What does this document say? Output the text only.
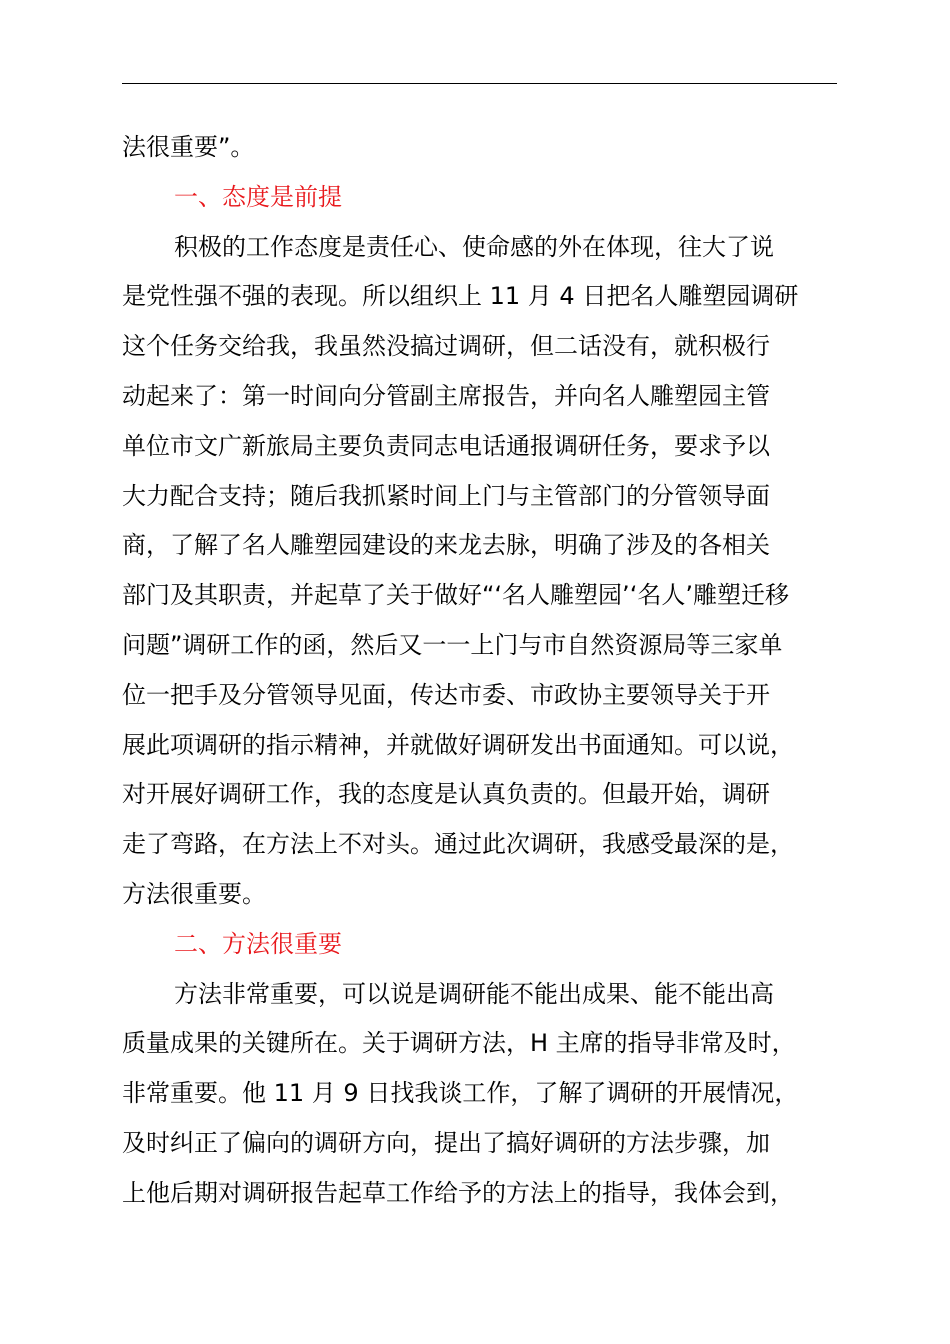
法很重要”。
一、态度是前提
积极的工作态度是责任心、使命感的外在体现，往大了说
是党性强不强的表现。所以组织上 11 月 4 日把名人雕塑园调研
这个任务交给我，我虽然没搞过调研，但二话没有，就积极行
动起来了：第一时间向分管副主席报告，并向名人雕塑园主管
单位市文广新旅局主要负责同志电话通报调研任务，要求予以
大力配合支持；随后我抓紧时间上门与主管部门的分管领导面
商，了解了名人雕塑园建设的来龙去脉，明确了涉及的各相关
部门及其职责，并起草了关于做好“‘名人雕塑园’‘名人’雕塑迁移
问题”调研工作的函，然后又一一上门与市自然资源局等三家单
位一把手及分管领导见面，传达市委、市政协主要领导关于开
展此项调研的指示精神，并就做好调研发出书面通知。可以说，
对开展好调研工作，我的态度是认真负责的。但最开始，调研
走了弯路，在方法上不对头。通过此次调研，我感受最深的是，
方法很重要。
二、方法很重要
方法非常重要，可以说是调研能不能出成果、能不能出高
质量成果的关键所在。关于调研方法，H 主席的指导非常及时，
非常重要。他 11 月 9 日找我谈工作，了解了调研的开展情况，
及时纠正了偏向的调研方向，提出了搞好调研的方法步骤，加
上他后期对调研报告起草工作给予的方法上的指导，我体会到，
